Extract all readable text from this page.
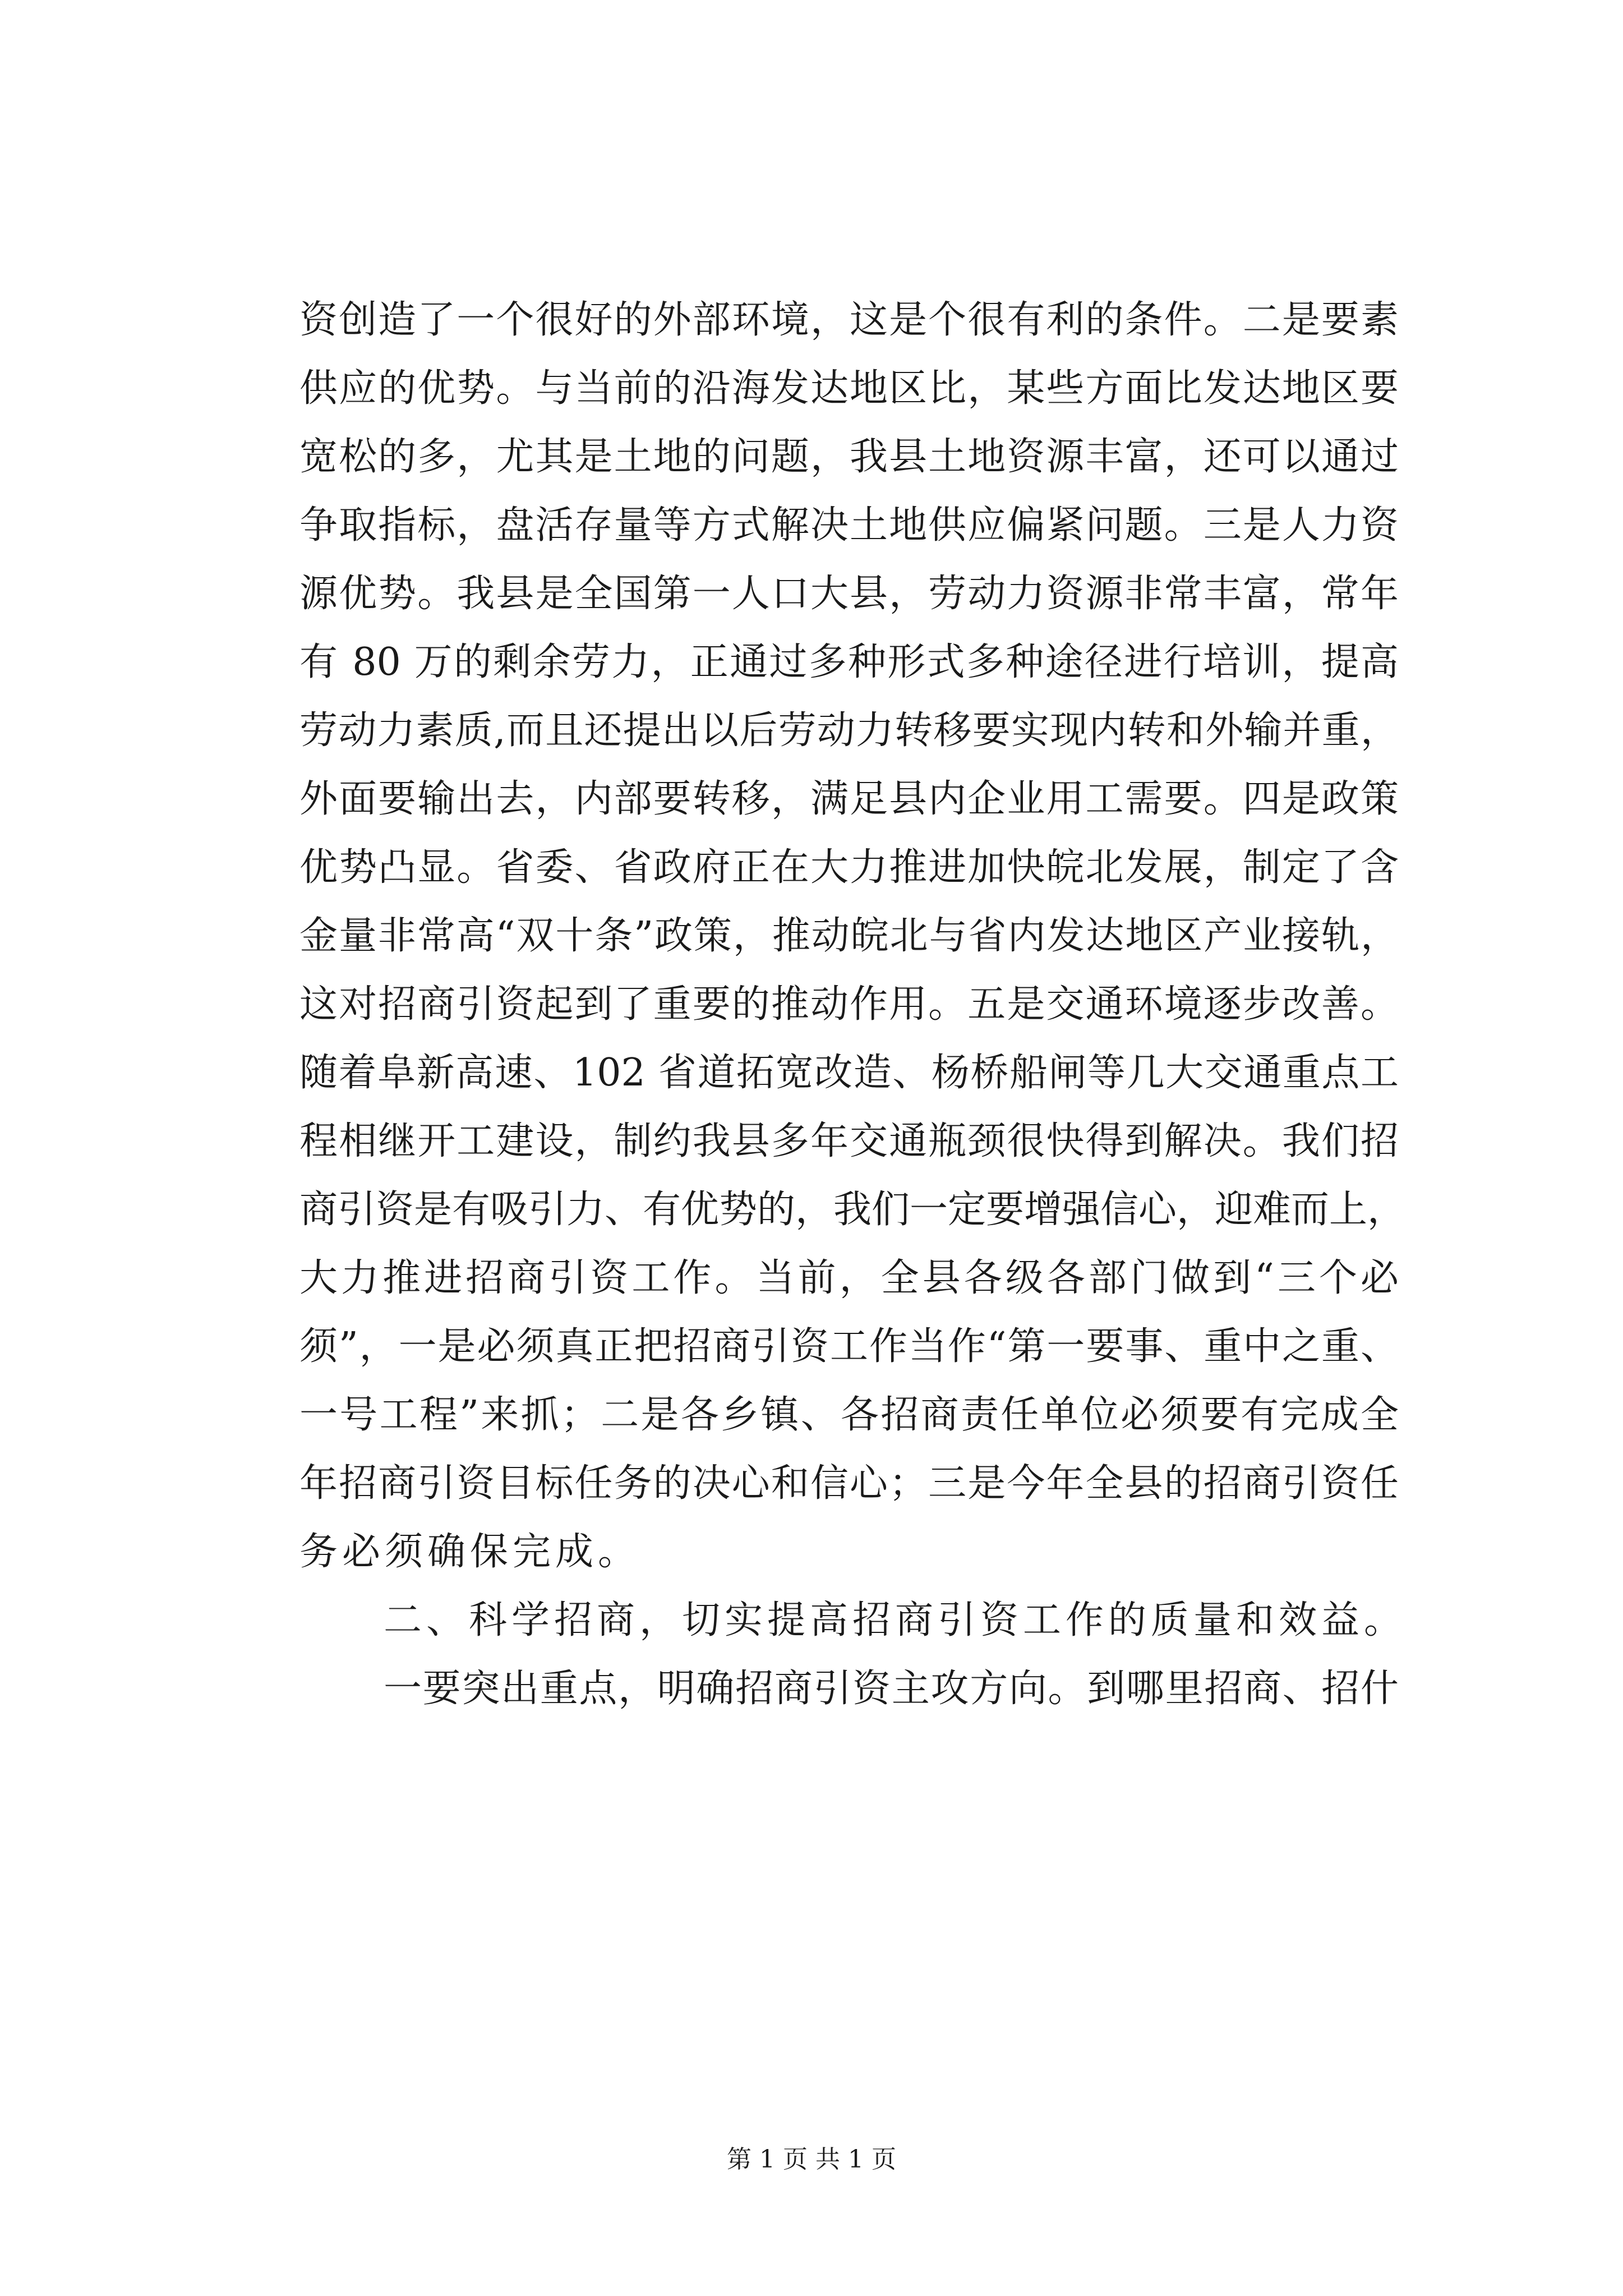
资创造了一个很好的外部环境，这是个很有利的条件。二是要素
供应的优势。与当前的沿海发达地区比，某些方面比发达地区要
宽松的多，尤其是土地的问题，我县土地资源丰富，还可以通过
争取指标，盘活存量等方式解决土地供应偏紧问题。三是人力资
源优势。我县是全国第一人口大县，劳动力资源非常丰富，常年
有 80 万的剩余劳力，正通过多种形式多种途径进行培训，提高
劳动力素质,而且还提出以后劳动力转移要实现内转和外输并重，
外面要输出去，内部要转移，满足县内企业用工需要。四是政策
优势凸显。省委、省政府正在大力推进加快皖北发展，制定了含
金量非常高“双十条”政策，推动皖北与省内发达地区产业接轨，
这对招商引资起到了重要的推动作用。五是交通环境逐步改善。
随着阜新高速、102 省道拓宽改造、杨桥船闸等几大交通重点工
程相继开工建设，制约我县多年交通瓶颈很快得到解决。我们招
商引资是有吸引力、有优势的，我们一定要增强信心，迎难而上，
大力推进招商引资工作。当前，全县各级各部门做到“三个必
须”，一是必须真正把招商引资工作当作“第一要事、重中之重、
一号工程”来抓；二是各乡镇、各招商责任单位必须要有完成全
年招商引资目标任务的决心和信心；三是今年全县的招商引资任
务必须确保完成。
二、科学招商，切实提高招商引资工作的质量和效益。
一要突出重点，明确招商引资主攻方向。到哪里招商、招什
第 1 页 共 1 页
